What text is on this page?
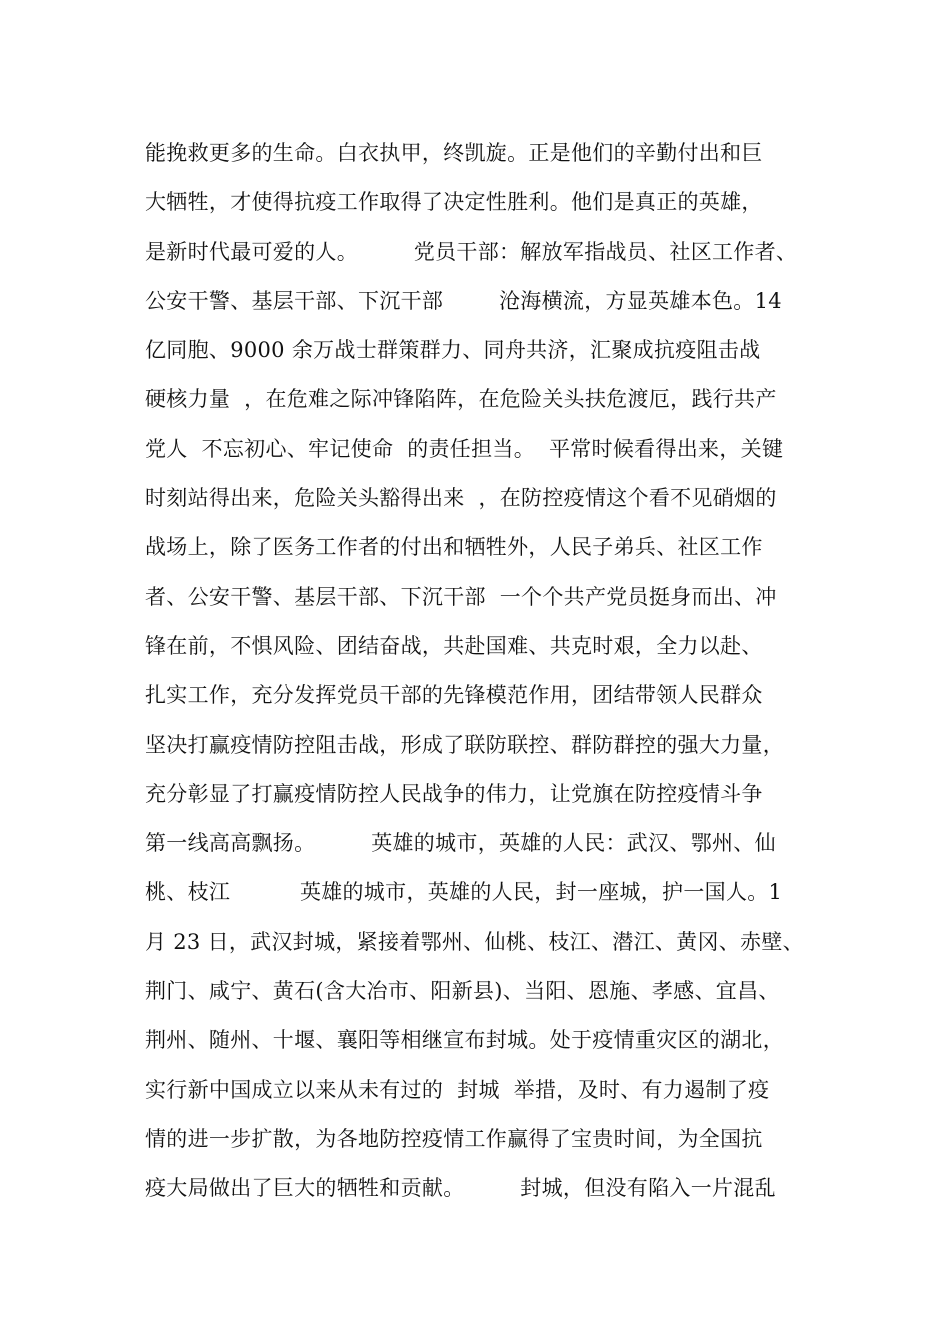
能挽救更多的生命。白衣执甲，终凯旋。正是他们的辛勤付出和巨
大牺牲，才使得抗疫工作取得了决定性胜利。他们是真正的英雄，
是新时代最可爱的人。        党员干部：解放军指战员、社区工作者、
公安干警、基层干部、下沉干部        沧海横流，方显英雄本色。14
亿同胞、9000 余万战士群策群力、同舟共济，汇聚成抗疫阻击战
硬核力量  ，在危难之际冲锋陷阵，在危险关头扶危渡厄，践行共产
党人  不忘初心、牢记使命  的责任担当。  平常时候看得出来，关键
时刻站得出来，危险关头豁得出来  ，在防控疫情这个看不见硝烟的
战场上，除了医务工作者的付出和牺牲外，人民子弟兵、社区工作
者、公安干警、基层干部、下沉干部  一个个共产党员挺身而出、冲
锋在前，不惧风险、团结奋战，共赴国难、共克时艰，全力以赴、
扎实工作，充分发挥党员干部的先锋模范作用，团结带领人民群众
坚决打赢疫情防控阻击战，形成了联防联控、群防群控的强大力量，
充分彰显了打赢疫情防控人民战争的伟力，让党旗在防控疫情斗争
第一线高高飘扬。        英雄的城市，英雄的人民：武汉、鄂州、仙
桃、枝江          英雄的城市，英雄的人民，封一座城，护一国人。1
月 23 日，武汉封城，紧接着鄂州、仙桃、枝江、潜江、黄冈、赤壁、
荆门、咸宁、黄石(含大冶市、阳新县)、当阳、恩施、孝感、宜昌、
荆州、随州、十堰、襄阳等相继宣布封城。处于疫情重灾区的湖北，
实行新中国成立以来从未有过的  封城  举措，及时、有力遏制了疫
情的进一步扩散，为各地防控疫情工作赢得了宝贵时间，为全国抗
疫大局做出了巨大的牺牲和贡献。        封城，但没有陷入一片混乱
